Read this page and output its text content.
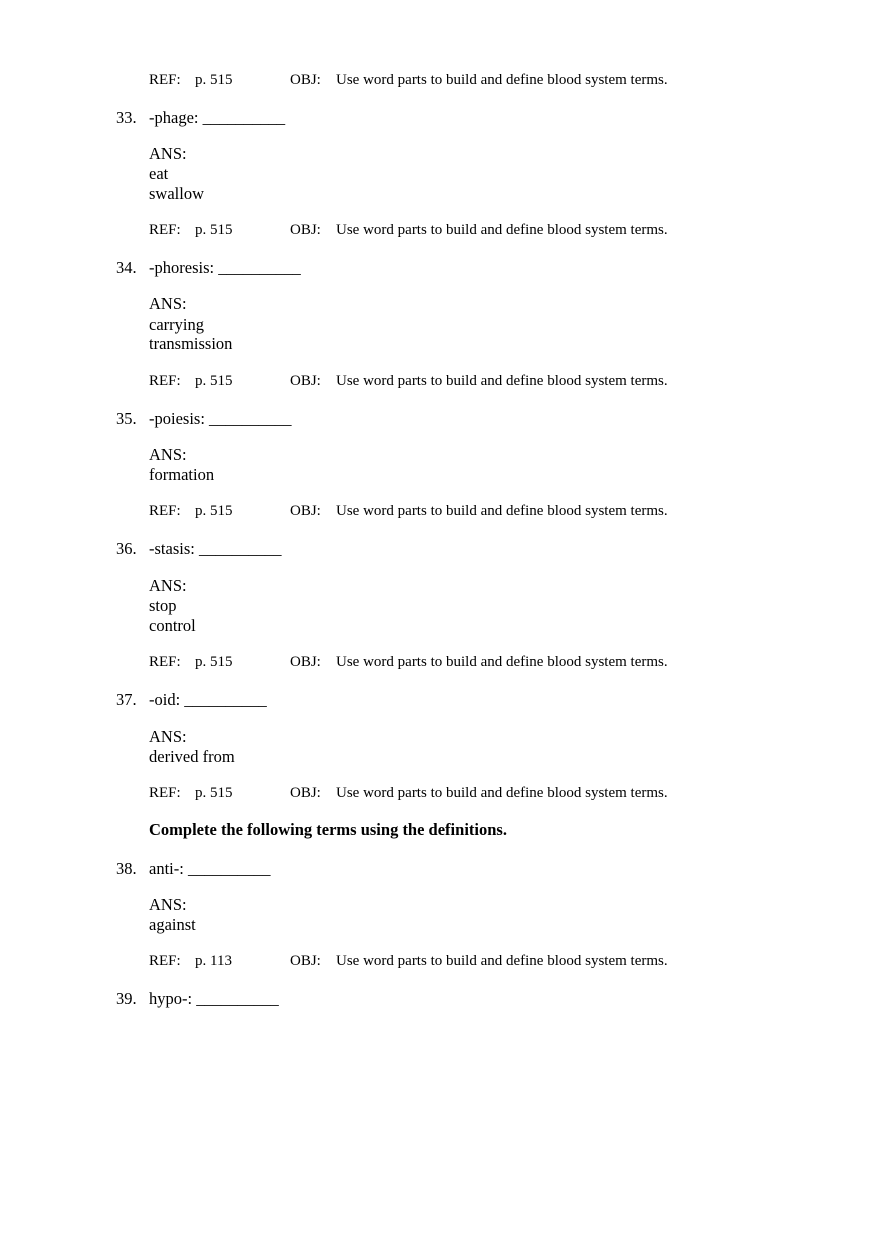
REF: p. 515	OBJ: Use word parts to build and define blood system terms.
33. -phage: __________
ANS:
eat
swallow
REF: p. 515	OBJ: Use word parts to build and define blood system terms.
34. -phoresis: __________
ANS:
carrying
transmission
REF: p. 515	OBJ: Use word parts to build and define blood system terms.
35. -poiesis: __________
ANS:
formation
REF: p. 515	OBJ: Use word parts to build and define blood system terms.
36. -stasis: __________
ANS:
stop
control
REF: p. 515	OBJ: Use word parts to build and define blood system terms.
37. -oid: __________
ANS:
derived from
REF: p. 515	OBJ: Use word parts to build and define blood system terms.
Complete the following terms using the definitions.
38. anti-: __________
ANS:
against
REF: p. 113	OBJ: Use word parts to build and define blood system terms.
39. hypo-: __________
